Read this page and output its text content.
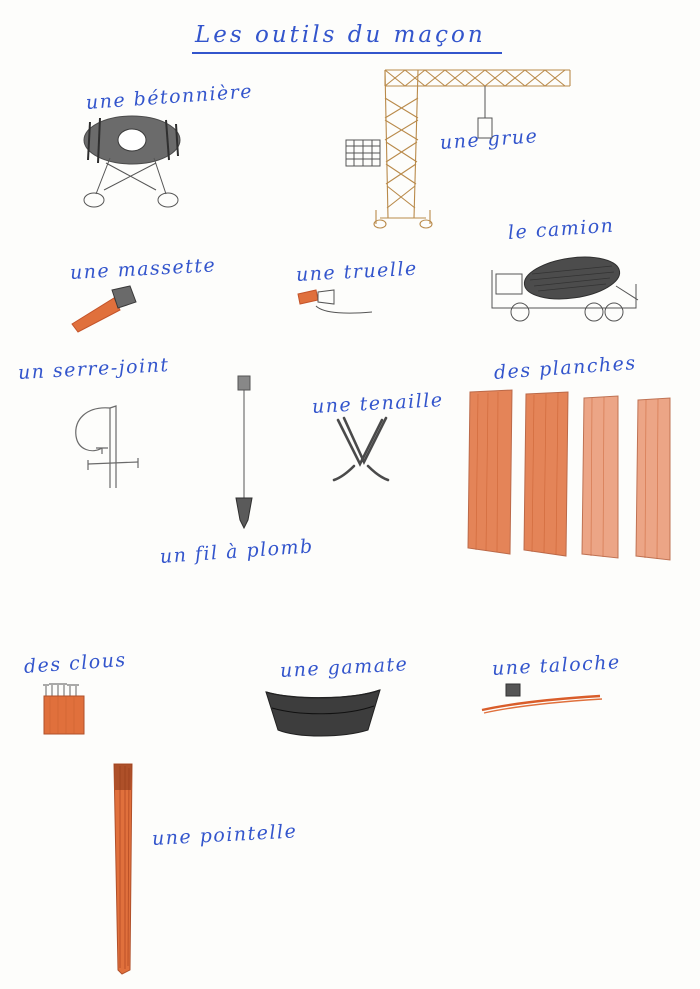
Les outils du maçon
une bétonnière
une grue
une massette	une truelle
le camion
un serre-joint
un fil à plomb
une tenaille
des planches
des clous	une gamate	une taloche
une pointelle
